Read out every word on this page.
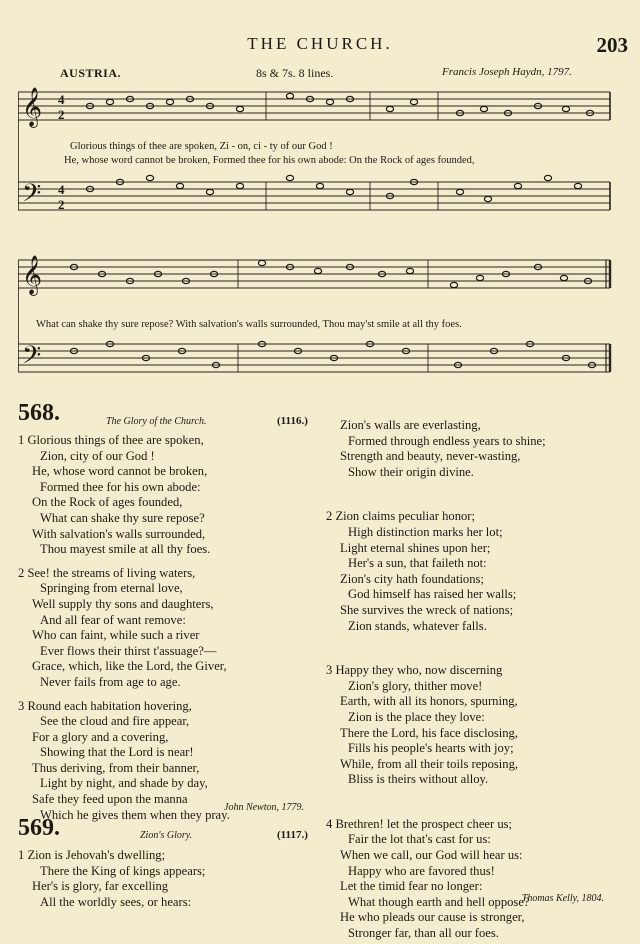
THE CHURCH.	203
AUSTRIA.	8s & 7s. 8 lines.	Francis Joseph Haydn, 1797.
𝄞
𝄢
4
2
4
2
Glorious things of thee are spoken, Zi - on, ci - ty of our God !
He, whose word cannot be broken, Formed thee for his own abode: On the Rock of ages founded,
𝄞
𝄢
What can shake thy sure repose? With salvation's walls surrounded, Thou may'st smile at all thy foes.
568.	The Glory of the Church.	(1116.)
1 Glorious things of thee are spoken,
Zion, city of our God !
He, whose word cannot be broken,
Formed thee for his own abode:
On the Rock of ages founded,
What can shake thy sure repose?
With salvation's walls surrounded,
Thou mayest smile at all thy foes.
2 See! the streams of living waters,
Springing from eternal love,
Well supply thy sons and daughters,
And all fear of want remove:
Who can faint, while such a river
Ever flows their thirst t'assuage?—
Grace, which, like the Lord, the Giver,
Never fails from age to age.
3 Round each habitation hovering,
See the cloud and fire appear,
For a glory and a covering,
Showing that the Lord is near!
Thus deriving, from their banner,
Light by night, and shade by day,
Safe they feed upon the manna
Which he gives them when they pray.
John Newton, 1779.
569.	Zion's Glory.	(1117.)
1 Zion is Jehovah's dwelling;
There the King of kings appears;
Her's is glory, far excelling
All the worldly sees, or hears:
Zion's walls are everlasting,
Formed through endless years to shine;
Strength and beauty, never-wasting,
Show their origin divine.
2 Zion claims peculiar honor;
High distinction marks her lot;
Light eternal shines upon her;
Her's a sun, that faileth not:
Zion's city hath foundations;
God himself has raised her walls;
She survives the wreck of nations;
Zion stands, whatever falls.
3 Happy they who, now discerning
Zion's glory, thither move!
Earth, with all its honors, spurning,
Zion is the place they love:
There the Lord, his face disclosing,
Fills his people's hearts with joy;
While, from all their toils reposing,
Bliss is theirs without alloy.
4 Brethren! let the prospect cheer us;
Fair the lot that's cast for us:
When we call, our God will hear us:
Happy who are favored thus!
Let the timid fear no longer:
What though earth and hell oppose?
He who pleads our cause is stronger,
Stronger far, than all our foes.
Thomas Kelly, 1804.
